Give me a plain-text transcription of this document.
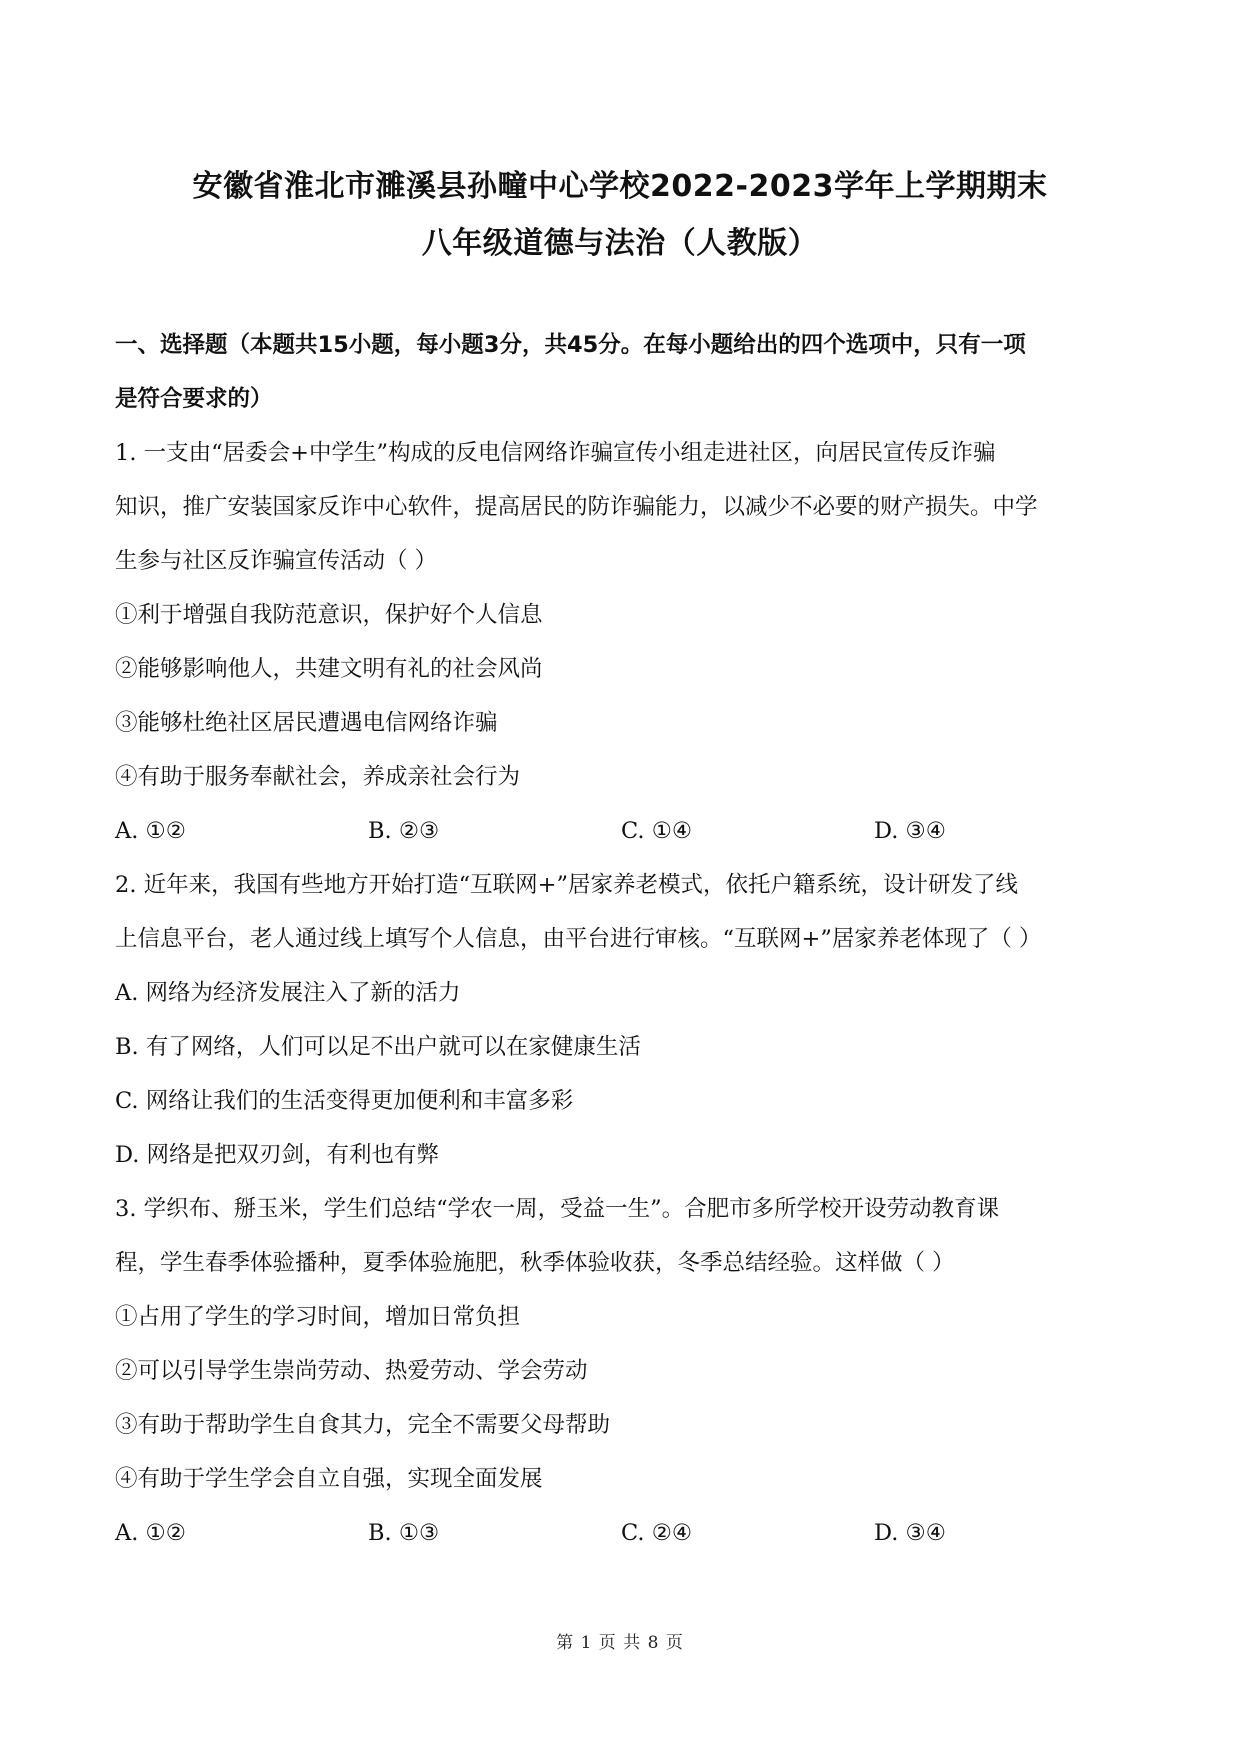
安徽省淮北市濉溪县孙疃中心学校2022-2023学年上学期期末
八年级道德与法治（人教版）
一、选择题（本题共15小题，每小题3分，共45分。在每小题给出的四个选项中，只有一项
是符合要求的）
1. 一支由“居委会+中学生”构成的反电信网络诈骗宣传小组走进社区，向居民宣传反诈骗
知识，推广安装国家反诈中心软件，提高居民的防诈骗能力，以减少不必要的财产损失。中学
生参与社区反诈骗宣传活动（ ）
①利于增强自我防范意识，保护好个人信息
②能够影响他人，共建文明有礼的社会风尚
③能够杜绝社区居民遭遇电信网络诈骗
④有助于服务奉献社会，养成亲社会行为
A. ①②	B. ②③	C. ①④	D. ③④
2. 近年来，我国有些地方开始打造“互联网+”居家养老模式，依托户籍系统，设计研发了线
上信息平台，老人通过线上填写个人信息，由平台进行审核。“互联网+”居家养老体现了（ ）
A. 网络为经济发展注入了新的活力
B. 有了网络，人们可以足不出户就可以在家健康生活
C. 网络让我们的生活变得更加便利和丰富多彩
D. 网络是把双刃剑，有利也有弊
3. 学织布、掰玉米，学生们总结“学农一周，受益一生”。合肥市多所学校开设劳动教育课
程，学生春季体验播种，夏季体验施肥，秋季体验收获，冬季总结经验。这样做（ ）
①占用了学生的学习时间，增加日常负担
②可以引导学生崇尚劳动、热爱劳动、学会劳动
③有助于帮助学生自食其力，完全不需要父母帮助
④有助于学生学会自立自强，实现全面发展
A. ①②	B. ①③	C. ②④	D. ③④
第 1 页 共 8 页
